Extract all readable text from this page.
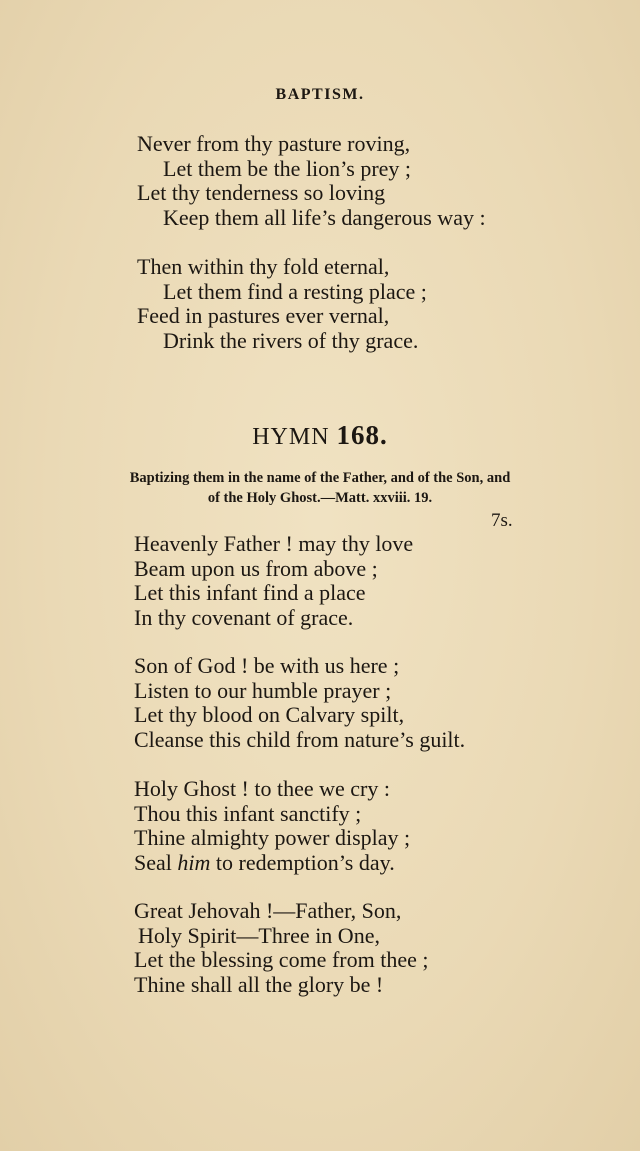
BAPTISM.
Never from thy pasture roving,
Let them be the lion’s prey ;
Let thy tenderness so loving
Keep them all life’s dangerous way :
Then within thy fold eternal,
Let them find a resting place ;
Feed in pastures ever vernal,
Drink the rivers of thy grace.
HYMN 168.
Baptizing them in the name of the Father, and of the Son, and
of the Holy Ghost.—Matt. xxviii. 19.
7s.
Heavenly Father ! may thy love
Beam upon us from above ;
Let this infant find a place
In thy covenant of grace.
Son of God ! be with us here ;
Listen to our humble prayer ;
Let thy blood on Calvary spilt,
Cleanse this child from nature’s guilt.
Holy Ghost ! to thee we cry :
Thou this infant sanctify ;
Thine almighty power display ;
Seal him to redemption’s day.
Great Jehovah !—Father, Son,
Holy Spirit—Three in One,
Let the blessing come from thee ;
Thine shall all the glory be !
